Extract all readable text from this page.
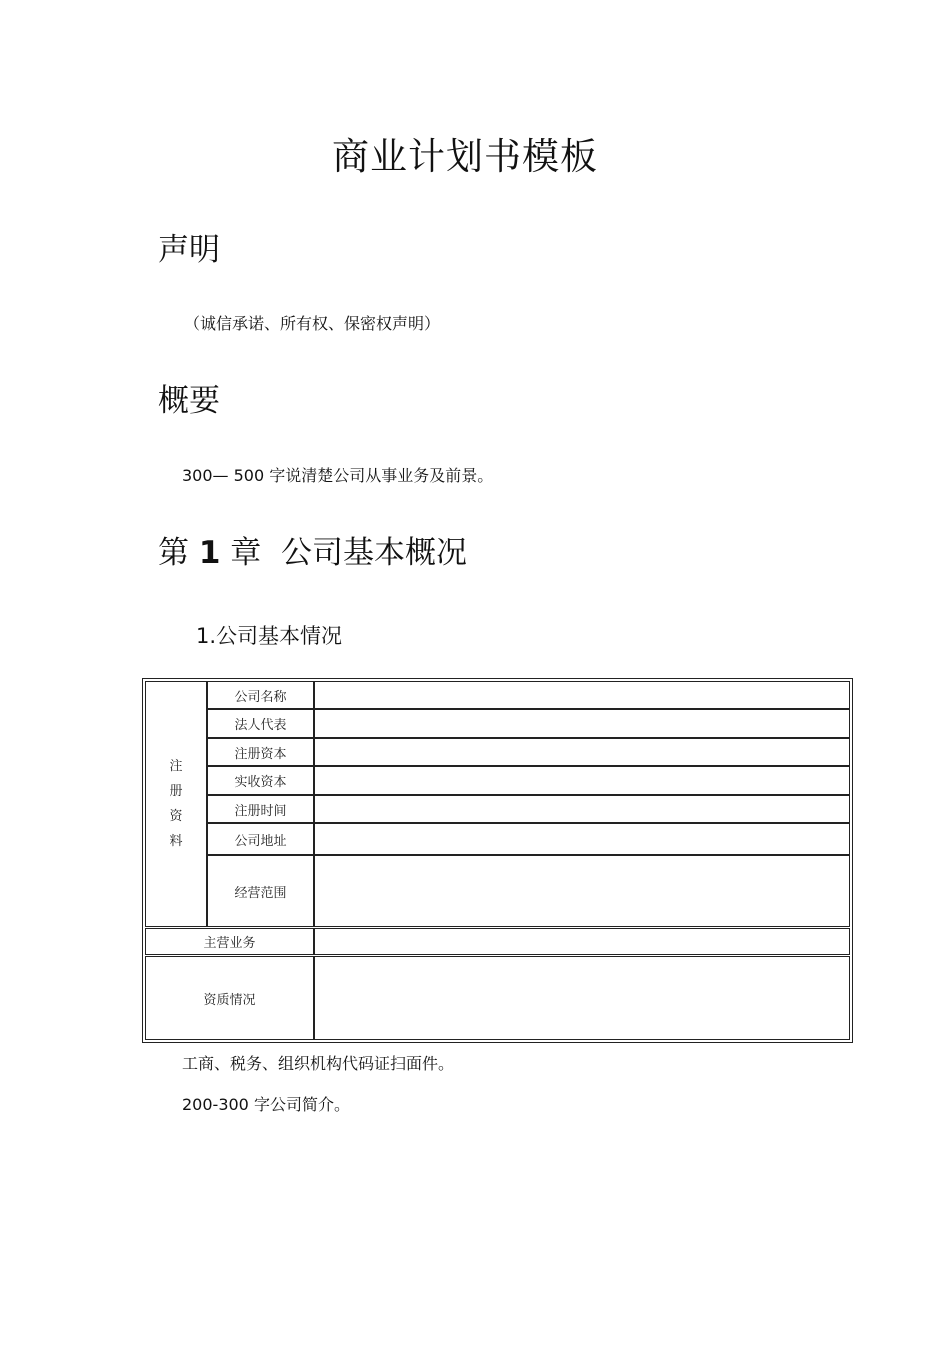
商业计划书模板
声明
（诚信承诺、所有权、保密权声明）
概要
300— 500 字说清楚公司从事业务及前景。
第 1 章 公司基本概况
1.公司基本情况
注
册
资
料
公司名称
法人代表
注册资本
实收资本
注册时间
公司地址
经营范围
主营业务
资质情况
工商、税务、组织机构代码证扫面件。
200-300 字公司简介。
